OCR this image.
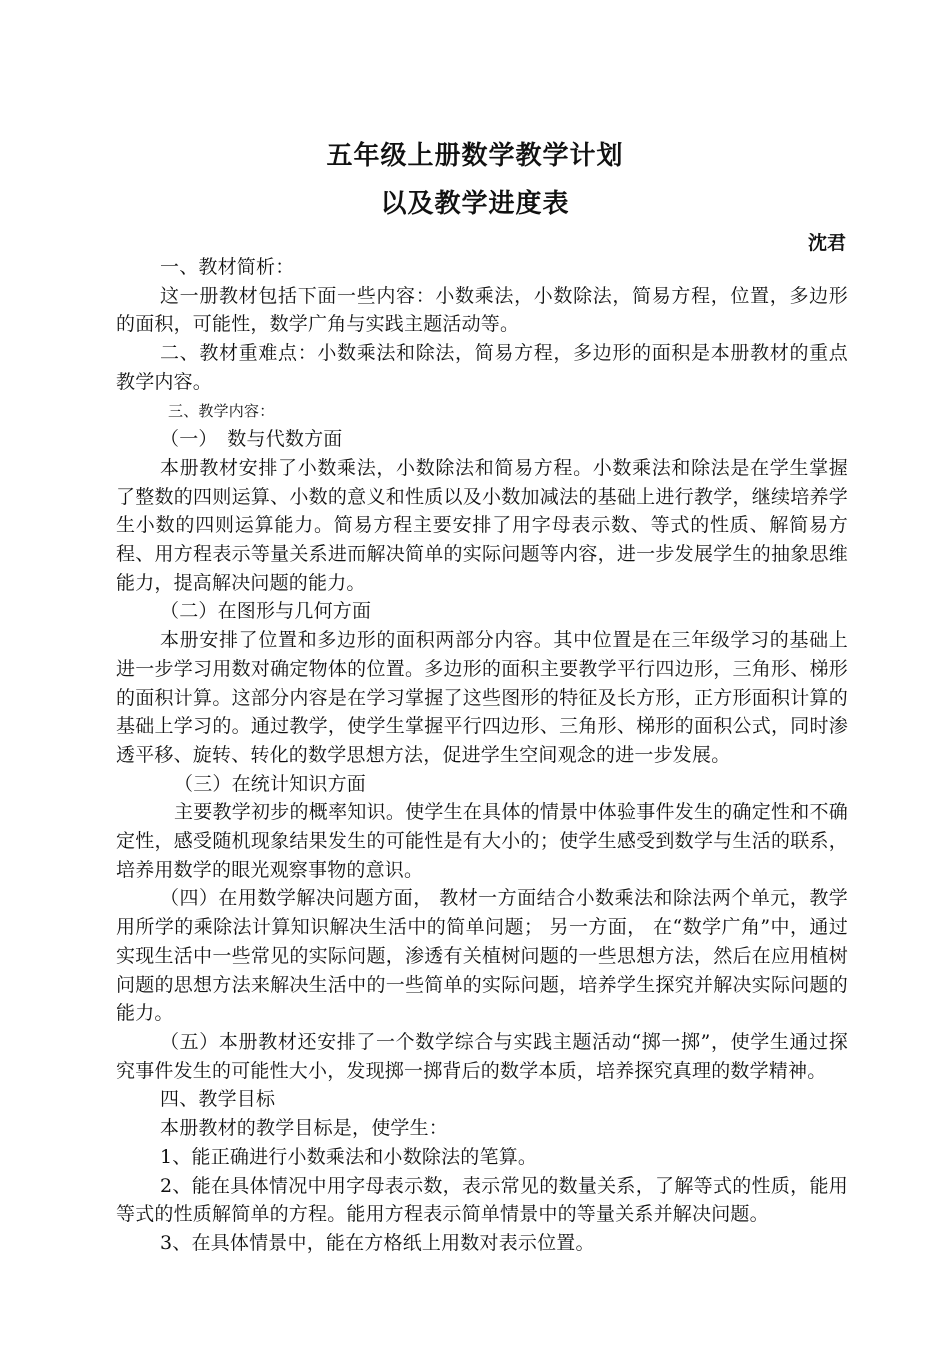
五年级上册数学教学计划
以及教学进度表
沈君

一、教材简析：

这一册教材包括下面一些内容：小数乘法，小数除法，简易方程，位置，多边形的面积，可能性，数学广角与实践主题活动等。

二、教材重难点：小数乘法和除法，简易方程，多边形的面积是本册教材的重点教学内容。

三、教学内容：

（一）　数与代数方面

本册教材安排了小数乘法，小数除法和简易方程。小数乘法和除法是在学生掌握了整数的四则运算、小数的意义和性质以及小数加减法的基础上进行教学，继续培养学生小数的四则运算能力。简易方程主要安排了用字母表示数、等式的性质、解简易方程、用方程表示等量关系进而解决简单的实际问题等内容，进一步发展学生的抽象思维能力，提高解决问题的能力。

（二）在图形与几何方面

本册安排了位置和多边形的面积两部分内容。其中位置是在三年级学习的基础上进一步学习用数对确定物体的位置。多边形的面积主要教学平行四边形，三角形、梯形的面积计算。这部分内容是在学习掌握了这些图形的特征及长方形，正方形面积计算的基础上学习的。通过教学，使学生掌握平行四边形、三角形、梯形的面积公式，同时渗透平移、旋转、转化的数学思想方法，促进学生空间观念的进一步发展。

（三）在统计知识方面

主要教学初步的概率知识。使学生在具体的情景中体验事件发生的确定性和不确定性，感受随机现象结果发生的可能性是有大小的；使学生感受到数学与生活的联系，培养用数学的眼光观察事物的意识。

（四）在用数学解决问题方面， 教材一方面结合小数乘法和除法两个单元，教学用所学的乘除法计算知识解决生活中的简单问题； 另一方面， 在“数学广角”中，通过实现生活中一些常见的实际问题，渗透有关植树问题的一些思想方法，然后在应用植树问题的思想方法来解决生活中的一些简单的实际问题，培养学生探究并解决实际问题的能力。

（五）本册教材还安排了一个数学综合与实践主题活动“掷一掷”，使学生通过探究事件发生的可能性大小，发现掷一掷背后的数学本质，培养探究真理的数学精神。

四、教学目标

本册教材的教学目标是，使学生：

1、能正确进行小数乘法和小数除法的笔算。

2、能在具体情况中用字母表示数，表示常见的数量关系，了解等式的性质，能用等式的性质解简单的方程。能用方程表示简单情景中的等量关系并解决问题。

3、在具体情景中，能在方格纸上用数对表示位置。
